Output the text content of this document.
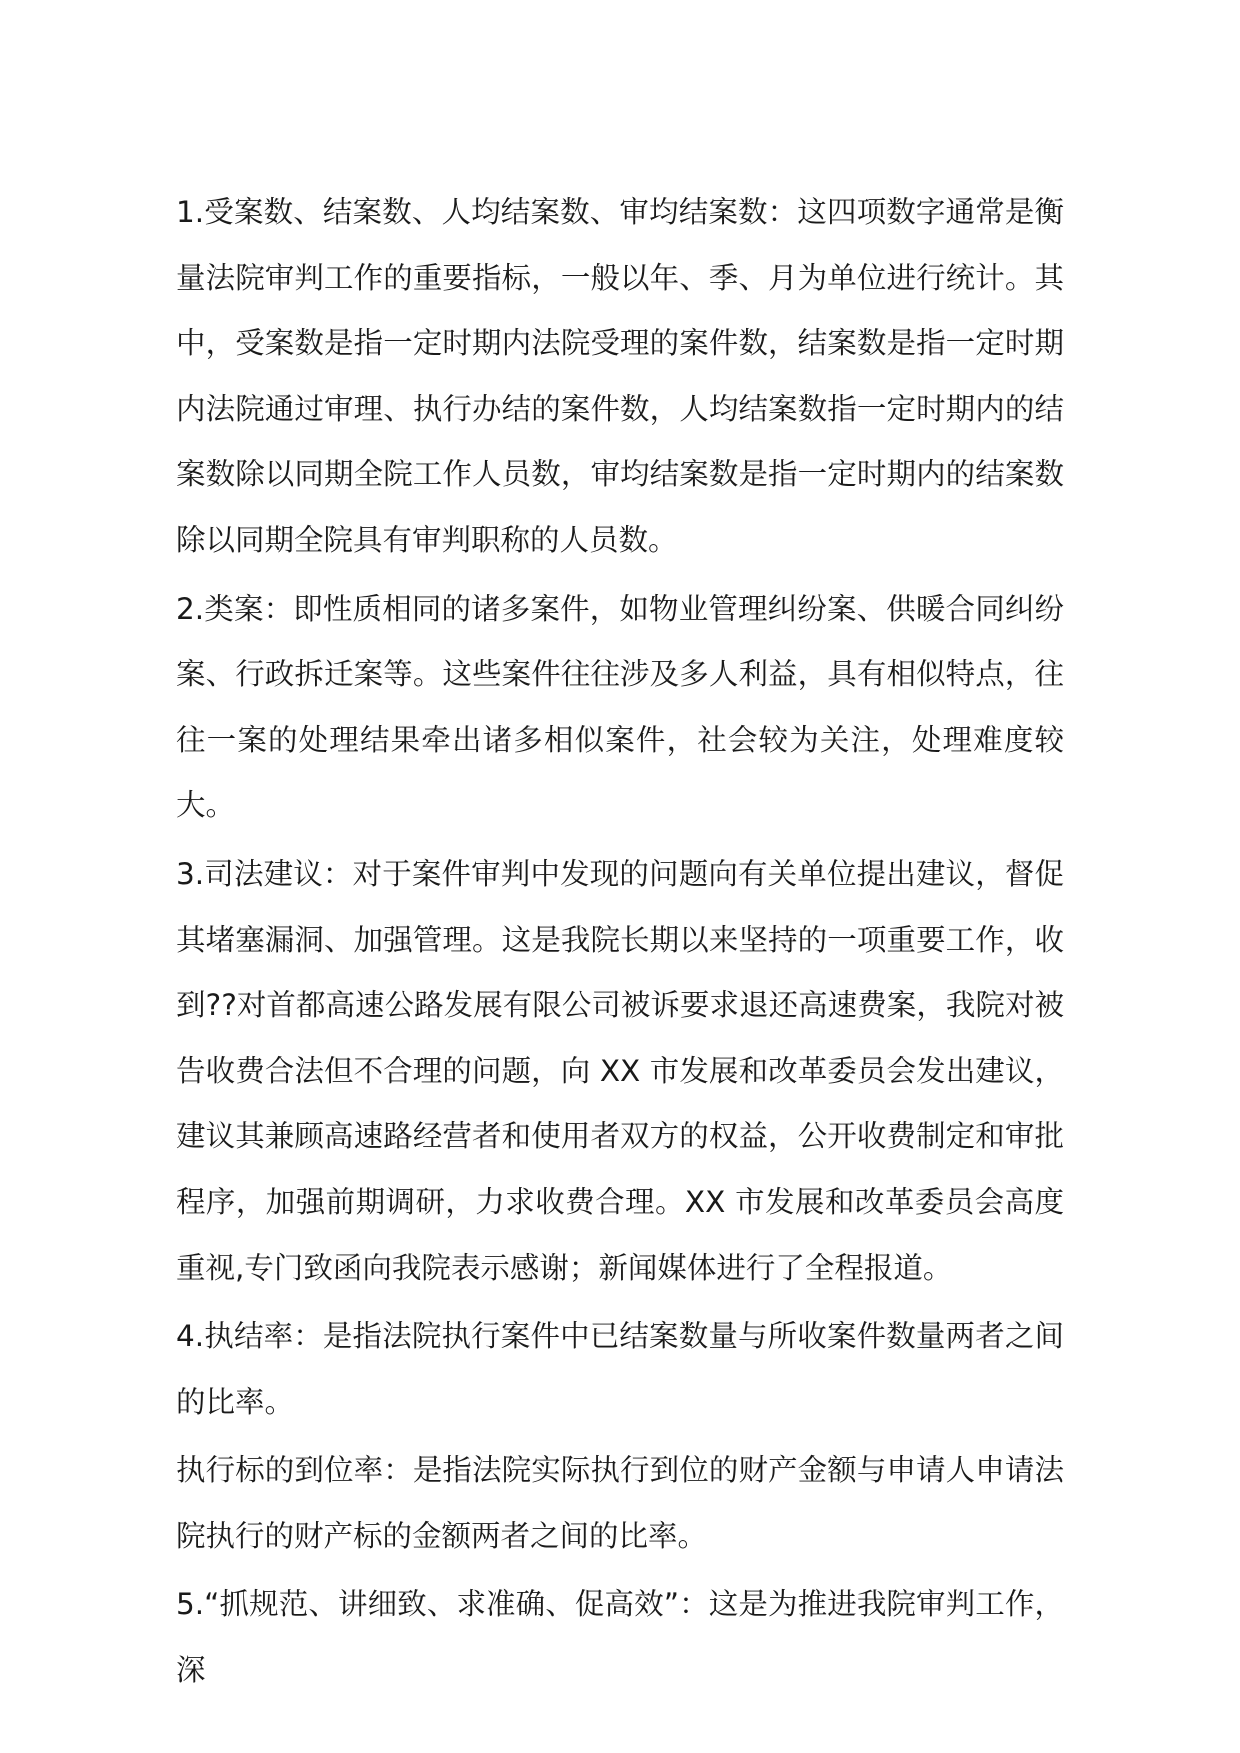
1.受案数、结案数、人均结案数、审均结案数：这四项数字通常是衡量法院审判工作的重要指标，一般以年、季、月为单位进行统计。其中，受案数是指一定时期内法院受理的案件数，结案数是指一定时期内法院通过审理、执行办结的案件数，人均结案数指一定时期内的结案数除以同期全院工作人员数，审均结案数是指一定时期内的结案数除以同期全院具有审判职称的人员数。

2.类案：即性质相同的诸多案件，如物业管理纠纷案、供暖合同纠纷案、行政拆迁案等。这些案件往往涉及多人利益，具有相似特点，往往一案的处理结果牵出诸多相似案件，社会较为关注，处理难度较大。

3.司法建议：对于案件审判中发现的问题向有关单位提出建议，督促其堵塞漏洞、加强管理。这是我院长期以来坚持的一项重要工作，收到??对首都高速公路发展有限公司被诉要求退还高速费案，我院对被告收费合法但不合理的问题，向 XX 市发展和改革委员会发出建议，建议其兼顾高速路经营者和使用者双方的权益，公开收费制定和审批程序，加强前期调研，力求收费合理。XX 市发展和改革委员会高度重视,专门致函向我院表示感谢；新闻媒体进行了全程报道。

4.执结率：是指法院执行案件中已结案数量与所收案件数量两者之间的比率。

执行标的到位率：是指法院实际执行到位的财产金额与申请人申请法院执行的财产标的金额两者之间的比率。

5.“抓规范、讲细致、求准确、促高效”：这是为推进我院审判工作，深
